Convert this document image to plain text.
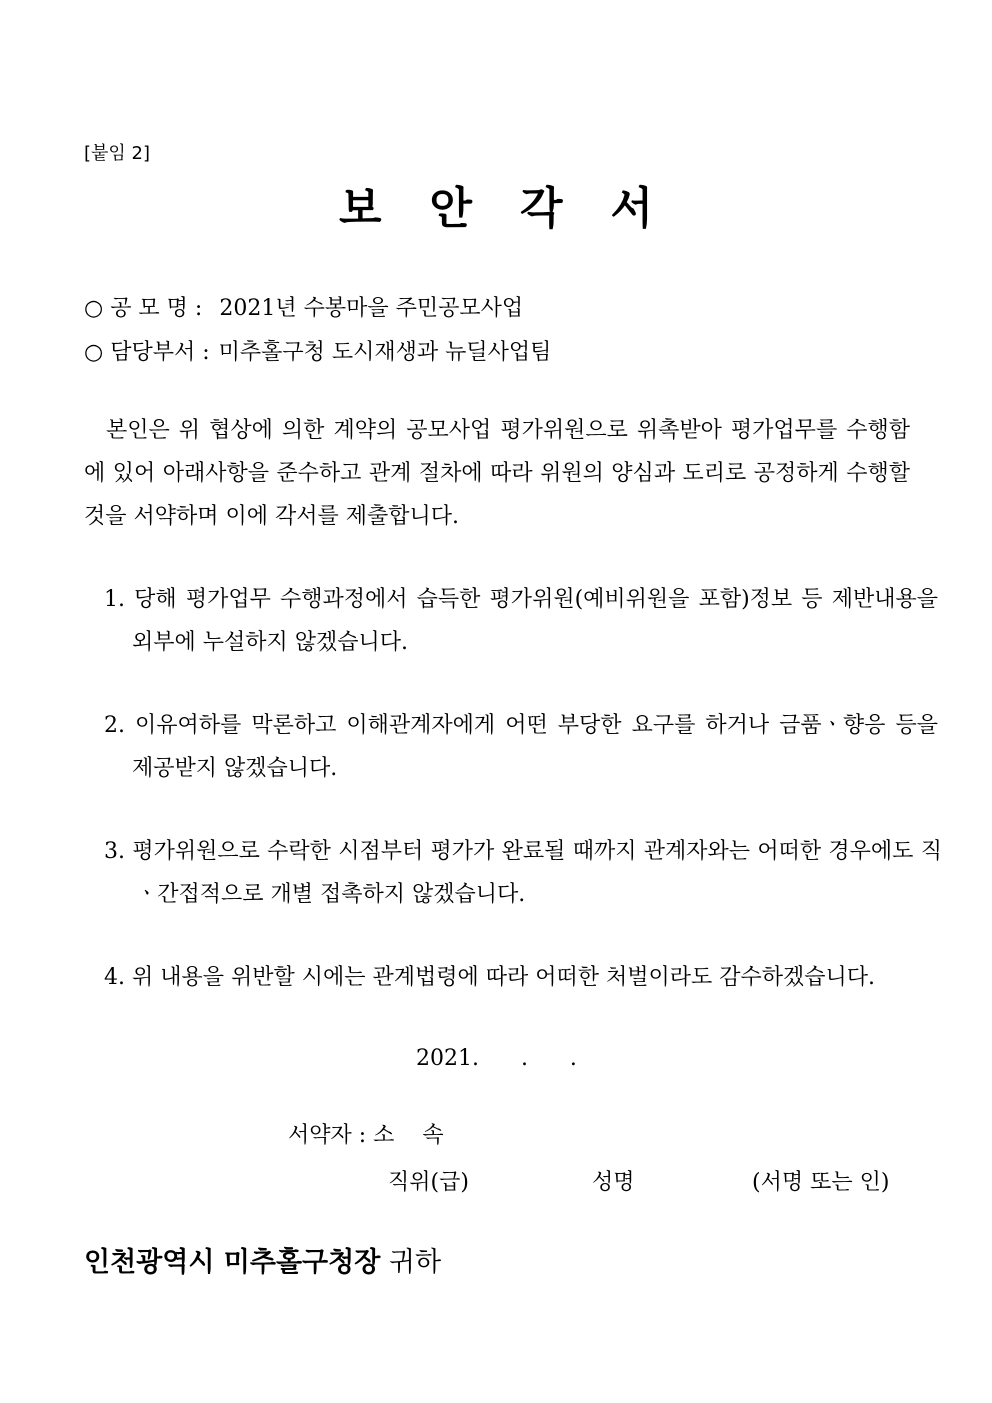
[붙임 2]
보안각서
○ 공 모 명 : 2021년 수봉마을 주민공모사업
○ 담당부서 : 미추홀구청 도시재생과 뉴딜사업팀
본인은 위 협상에 의한 계약의 공모사업 평가위원으로 위촉받아 평가업무를 수행함에 있어 아래사항을 준수하고 관계 절차에 따라 위원의 양심과 도리로 공정하게 수행할 것을 서약하며 이에 각서를 제출합니다.
1. 당해 평가업무 수행과정에서 습득한 평가위원(예비위원을 포함)정보 등 제반내용을 외부에 누설하지 않겠습니다.
2. 이유여하를 막론하고 이해관계자에게 어떤 부당한 요구를 하거나 금품ㆍ향응 등을 제공받지 않겠습니다.
3. 평가위원으로 수락한 시점부터 평가가 완료될 때까지 관계자와는 어떠한 경우에도 직ㆍ간접적으로 개별 접촉하지 않겠습니다.
4. 위 내용을 위반할 시에는 관계법령에 따라 어떠한 처벌이라도 감수하겠습니다.
2021.      .      .
서약자 : 소    속
직위(급)	성명	(서명 또는 인)
인천광역시 미추홀구청장 귀하
